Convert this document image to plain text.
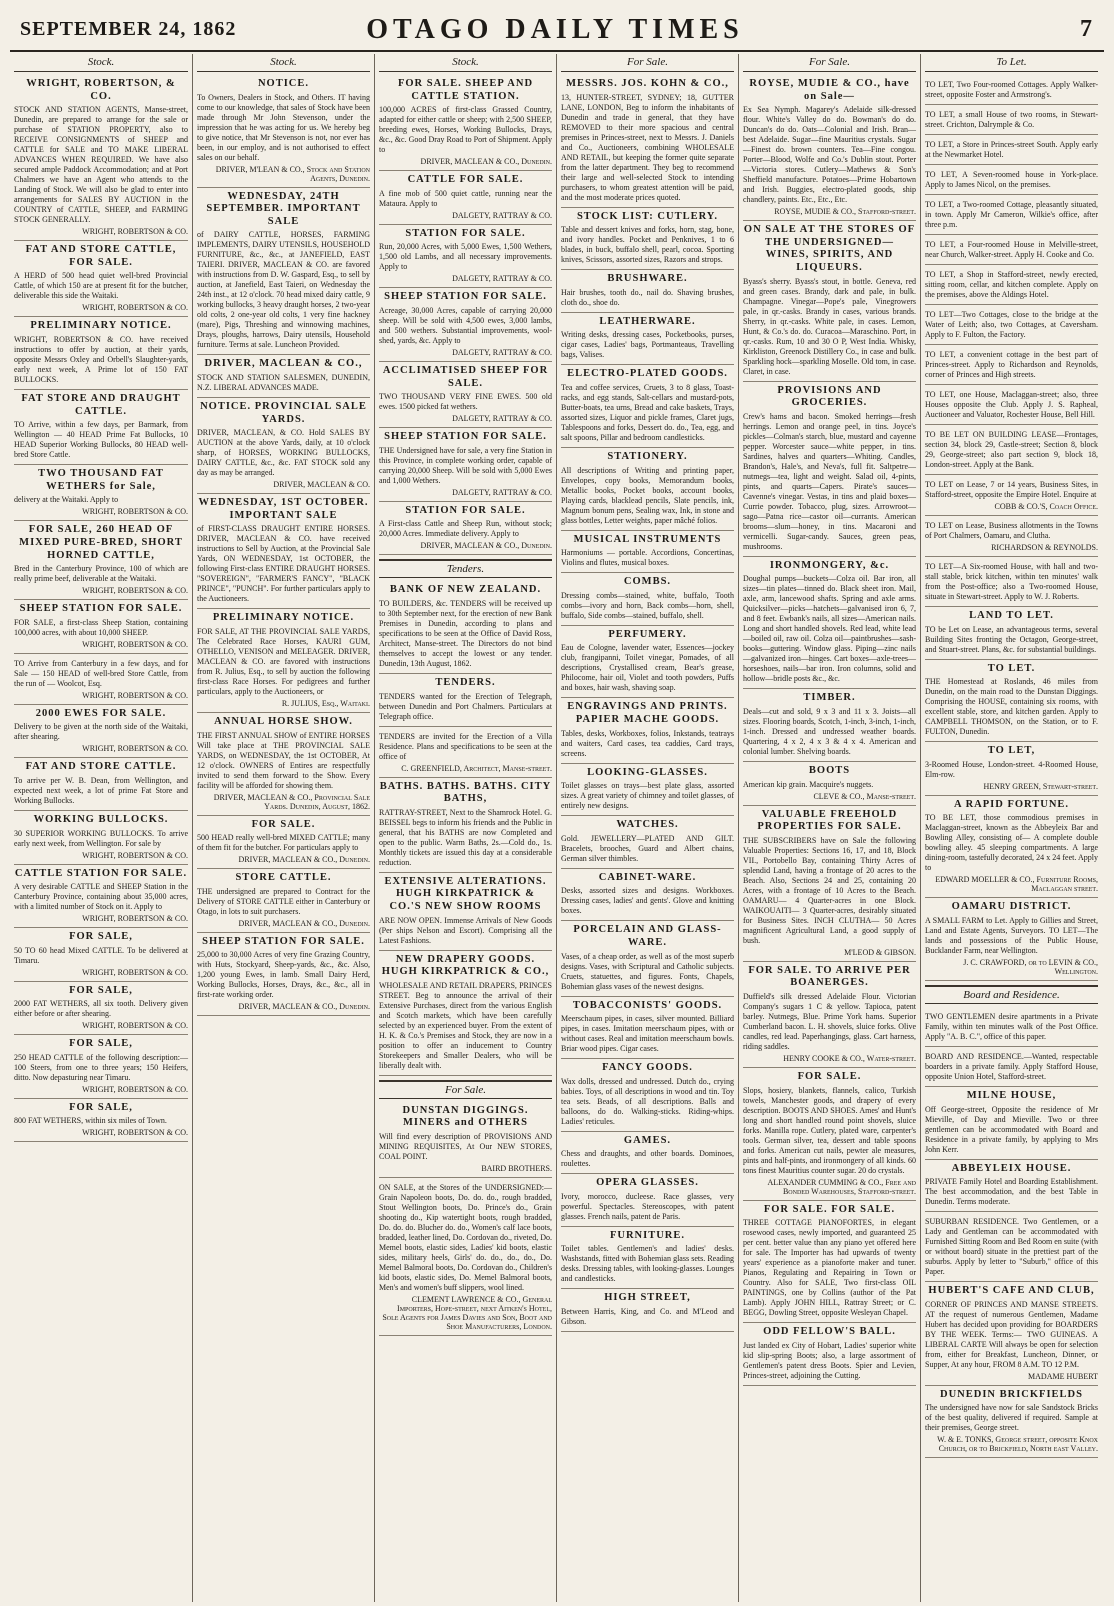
SEPTEMBER 24, 1862	OTAGO DAILY TIMES	7
Stock.
WRIGHT, ROBERTSON, & CO.
STOCK AND STATION AGENTS, Manse-street, Dunedin, are prepared to arrange for the sale or purchase of STATION PROPERTY, also to RECEIVE CONSIGNMENTS of SHEEP and CATTLE for SALE and TO MAKE LIBERAL ADVANCES WHEN REQUIRED. We have also secured ample Paddock Accommodation; and at Port Chalmers we have an Agent who attends to the Landing of Stock. We will also be glad to enter into arrangements for SALES BY AUCTION in the COUNTRY of CATTLE, SHEEP, and FARMING STOCK GENERALLY.
WRIGHT, ROBERTSON & CO.
FAT AND STORE CATTLE, FOR SALE.
A HERD of 500 head quiet well-bred Provincial Cattle, of which 150 are at present fit for the butcher, deliverable this side the Waitaki.
WRIGHT, ROBERTSON & CO.
PRELIMINARY NOTICE.
WRIGHT, ROBERTSON & CO. have received instructions to offer by auction, at their yards, opposite Messrs Oxley and Orbell's Slaughter-yards, early next week, A Prime lot of 150 FAT BULLOCKS.
FAT STORE AND DRAUGHT CATTLE.
TO Arrive, within a few days, per Barmark, from Wellington — 40 HEAD Prime Fat Bullocks, 10 HEAD Superior Working Bullocks, 80 HEAD well-bred Store Cattle.
TWO THOUSAND FAT WETHERS for Sale,
delivery at the Waitaki. Apply to
WRIGHT, ROBERTSON & CO.
FOR SALE, 260 HEAD OF MIXED PURE-BRED, SHORT HORNED CATTLE,
Bred in the Canterbury Province, 100 of which are really prime beef, deliverable at the Waitaki.
WRIGHT, ROBERTSON & CO.
SHEEP STATION FOR SALE.
FOR SALE, a first-class Sheep Station, containing 100,000 acres, with about 10,000 SHEEP.
WRIGHT, ROBERTSON & CO.
TO Arrive from Canterbury in a few days, and for Sale — 150 HEAD of well-bred Store Cattle, from the run of — Woolcot, Esq.
WRIGHT, ROBERTSON & CO.
2000 EWES FOR SALE.
Delivery to be given at the north side of the Waitaki, after shearing.
WRIGHT, ROBERTSON & CO.
FAT AND STORE CATTLE.
To arrive per W. B. Dean, from Wellington, and expected next week, a lot of prime Fat Store and Working Bullocks.
WORKING BULLOCKS.
30 SUPERIOR WORKING BULLOCKS. To arrive early next week, from Wellington. For sale by
WRIGHT, ROBERTSON & CO.
CATTLE STATION FOR SALE.
A very desirable CATTLE and SHEEP Station in the Canterbury Province, containing about 35,000 acres, with a limited number of Stock on it. Apply to
WRIGHT, ROBERTSON & CO.
FOR SALE,
50 TO 60 head Mixed CATTLE. To be delivered at Timaru.
WRIGHT, ROBERTSON & CO.
FOR SALE,
2000 FAT WETHERS, all six tooth. Delivery given either before or after shearing.
WRIGHT, ROBERTSON & CO.
FOR SALE,
250 HEAD CATTLE of the following description:— 100 Steers, from one to three years; 150 Heifers, ditto. Now depasturing near Timaru.
WRIGHT, ROBERTSON & CO.
FOR SALE,
800 FAT WETHERS, within six miles of Town.
WRIGHT, ROBERTSON & CO.
Stock.
NOTICE.
To Owners, Dealers in Stock, and Others. IT having come to our knowledge, that sales of Stock have been made through Mr John Stevenson, under the impression that he was acting for us. We hereby beg to give notice, that Mr Stevenson is not, nor ever has been, in our employ, and is not authorised to effect sales on our behalf.
DRIVER, M'LEAN & CO., Stock and Station Agents, Dunedin.
WEDNESDAY, 24TH SEPTEMBER. IMPORTANT SALE
of DAIRY CATTLE, HORSES, FARMING IMPLEMENTS, DAIRY UTENSILS, HOUSEHOLD FURNITURE, &c., &c., at JANEFIELD, EAST TAIERI. DRIVER, MACLEAN & CO. are favored with instructions from D. W. Gaspard, Esq., to sell by auction, at Janefield, East Taieri, on Wednesday the 24th inst., at 12 o'clock. 70 head mixed dairy cattle, 9 working bullocks, 3 heavy draught horses, 2 two-year old colts, 2 one-year old colts, 1 very fine hackney (mare), Pigs, Threshing and winnowing machines, Drays, ploughs, harrows, Dairy utensils, Household furniture. Terms at sale. Luncheon Provided.
DRIVER, MACLEAN & CO.,
STOCK AND STATION SALESMEN, DUNEDIN, N.Z. LIBERAL ADVANCES MADE.
NOTICE. PROVINCIAL SALE YARDS.
DRIVER, MACLEAN, & CO. Hold SALES BY AUCTION at the above Yards, daily, at 10 o'clock sharp, of HORSES, WORKING BULLOCKS, DAIRY CATTLE, &c., &c. FAT STOCK sold any day as may be arranged.
DRIVER, MACLEAN & CO.
WEDNESDAY, 1ST OCTOBER. IMPORTANT SALE
of FIRST-CLASS DRAUGHT ENTIRE HORSES. DRIVER, MACLEAN & CO. have received instructions to Sell by Auction, at the Provincial Sale Yards, ON WEDNESDAY, 1st OCTOBER, the following First-class ENTIRE DRAUGHT HORSES. "SOVEREIGN", "FARMER'S FANCY", "BLACK PRINCE", "PUNCH". For further particulars apply to the Auctioneers.
PRELIMINARY NOTICE.
FOR SALE, AT THE PROVINCIAL SALE YARDS, The Celebrated Race Horses, KAURI GUM, OTHELLO, VENISON and MELEAGER. DRIVER, MACLEAN & CO. are favored with instructions from R. Julius, Esq., to sell by auction the following first-class Race Horses. For pedigrees and further particulars, apply to the Auctioneers, or
R. JULIUS, Esq., Waitaki.
ANNUAL HORSE SHOW.
THE FIRST ANNUAL SHOW of ENTIRE HORSES Will take place at THE PROVINCIAL SALE YARDS, on WEDNESDAY, the 1st OCTOBER, At 12 o'clock. OWNERS of Entires are respectfully invited to send them forward to the Show. Every facility will be afforded for showing them.
DRIVER, MACLEAN & CO., Provincial Sale Yards. Dunedin, August, 1862.
FOR SALE.
500 HEAD really well-bred MIXED CATTLE; many of them fit for the butcher. For particulars apply to
DRIVER, MACLEAN & CO., Dunedin.
STORE CATTLE.
THE undersigned are prepared to Contract for the Delivery of STORE CATTLE either in Canterbury or Otago, in lots to suit purchasers.
DRIVER, MACLEAN & CO., Dunedin.
SHEEP STATION FOR SALE.
25,000 to 30,000 Acres of very fine Grazing Country, with Huts, Stockyard, Sheep-yards, &c., &c. Also, 1,200 young Ewes, in lamb. Small Dairy Herd, Working Bullocks, Horses, Drays, &c., &c., all in first-rate working order.
DRIVER, MACLEAN & CO., Dunedin.
Stock.
FOR SALE. SHEEP AND CATTLE STATION.
100,000 ACRES of first-class Grassed Country, adapted for either cattle or sheep; with 2,500 SHEEP, breeding ewes, Horses, Working Bullocks, Drays, &c., &c. Good Dray Road to Port of Shipment. Apply to
DRIVER, MACLEAN & CO., Dunedin.
CATTLE FOR SALE.
A fine mob of 500 quiet cattle, running near the Mataura. Apply to
DALGETY, RATTRAY & CO.
STATION FOR SALE.
Run, 20,000 Acres, with 5,000 Ewes, 1,500 Wethers, 1,500 old Lambs, and all necessary improvements. Apply to
DALGETY, RATTRAY & CO.
SHEEP STATION FOR SALE.
Acreage, 30,000 Acres, capable of carrying 20,000 sheep. Will be sold with 4,500 ewes, 3,000 lambs, and 500 wethers. Substantial improvements, wool-shed, yards, &c. Apply to
DALGETY, RATTRAY & CO.
ACCLIMATISED SHEEP FOR SALE.
TWO THOUSAND VERY FINE EWES. 500 old ewes. 1500 picked fat wethers.
DALGETY, RATTRAY & CO.
SHEEP STATION FOR SALE.
THE Undersigned have for sale, a very fine Station in this Province, in complete working order, capable of carrying 20,000 Sheep. Will be sold with 5,000 Ewes and 1,000 Wethers.
DALGETY, RATTRAY & CO.
STATION FOR SALE.
A First-class Cattle and Sheep Run, without stock; 20,000 Acres. Immediate delivery. Apply to
DRIVER, MACLEAN & CO., Dunedin.
Tenders.
BANK OF NEW ZEALAND.
TO BUILDERS, &c. TENDERS will be received up to 30th September next, for the erection of new Bank Premises in Dunedin, according to plans and specifications to be seen at the Office of David Ross, Architect, Manse-street. The Directors do not bind themselves to accept the lowest or any tender. Dunedin, 13th August, 1862.
TENDERS.
TENDERS wanted for the Erection of Telegraph, between Dunedin and Port Chalmers. Particulars at Telegraph office.
TENDERS are invited for the Erection of a Villa Residence. Plans and specifications to be seen at the office of
C. GREENFIELD, Architect, Manse-street.
BATHS. BATHS. BATHS. CITY BATHS,
RATTRAY-STREET, Next to the Shamrock Hotel. G. BEISSEL begs to inform his friends and the Public in general, that his BATHS are now Completed and open to the public. Warm Baths, 2s.—Cold do., 1s. Monthly tickets are issued this day at a considerable reduction.
EXTENSIVE ALTERATIONS. HUGH KIRKPATRICK & CO.'S NEW SHOW ROOMS
ARE NOW OPEN. Immense Arrivals of New Goods (Per ships Nelson and Escort). Comprising all the Latest Fashions.
NEW DRAPERY GOODS. HUGH KIRKPATRICK & CO.,
WHOLESALE AND RETAIL DRAPERS, PRINCES STREET. Beg to announce the arrival of their Extensive Purchases, direct from the various English and Scotch markets, which have been carefully selected by an experienced buyer. From the extent of H. K. & Co.'s Premises and Stock, they are now in a position to offer an inducement to Country Storekeepers and Smaller Dealers, who will be liberally dealt with.
For Sale.
DUNSTAN DIGGINGS. MINERS and OTHERS
Will find every description of PROVISIONS AND MINING REQUISITES, At Our NEW STORES, COAL POINT.
BAIRD BROTHERS.
ON SALE, at the Stores of the UNDERSIGNED:— Grain Napoleon boots, Do. do. do., rough bradded, Stout Wellington boots, Do. Prince's do., Grain shooting do., Kip watertight boots, rough bradded, Do. do. do. Blucher do. do., Women's calf lace boots, bradded, leather lined, Do. Cordovan do., riveted, Do. Memel boots, elastic sides, Ladies' kid boots, elastic sides, military heels, Girls' do. do., do., do., Do. Memel Balmoral boots, Do. Cordovan do., Children's kid boots, elastic sides, Do. Memel Balmoral boots, Men's and women's buff slippers, wool lined.
CLEMENT LAWRENCE & CO., General Importers, Hope-street, next Aitken's Hotel, Sole Agents for James Davies and Son, Boot and Shoe Manufacturers, London.
For Sale.
MESSRS. JOS. KOHN & CO.,
13, HUNTER-STREET, SYDNEY; 18, GUTTER LANE, LONDON, Beg to inform the inhabitants of Dunedin and trade in general, that they have REMOVED to their more spacious and central premises in Princes-street, next to Messrs. J. Daniels and Co., Auctioneers, combining WHOLESALE AND RETAIL, but keeping the former quite separate from the latter department. They beg to recommend their large and well-selected Stock to intending purchasers, to whom greatest attention will be paid, and the most moderate prices quoted.
STOCK LIST: CUTLERY.
Table and dessert knives and forks, horn, stag, bone, and ivory handles. Pocket and Penknives, 1 to 6 blades, in buck, buffalo shell, pearl, cocoa. Sporting knives, Scissors, assorted sizes, Razors and strops.
BRUSHWARE.
Hair brushes, tooth do., nail do. Shaving brushes, cloth do., shoe do.
LEATHERWARE.
Writing desks, dressing cases, Pocketbooks, purses, cigar cases, Ladies' bags, Portmanteaus, Travelling bags, Valises.
ELECTRO-PLATED GOODS.
Tea and coffee services, Cruets, 3 to 8 glass, Toast-racks, and egg stands, Salt-cellars and mustard-pots, Butter-boats, tea urns, Bread and cake baskets, Trays, assorted sizes, Liquor and pickle frames, Claret jugs, Tablespoons and forks, Dessert do. do., Tea, egg, and salt spoons, Pillar and bedroom candlesticks.
STATIONERY.
All descriptions of Writing and printing paper, Envelopes, copy books, Memorandum books, Metallic books, Pocket books, account books, Playing cards, blacklead pencils, Slate pencils, ink, Magnum bonum pens, Sealing wax, Ink, in stone and glass bottles, Letter weights, paper mâché folios.
MUSICAL INSTRUMENTS
Harmoniums — portable. Accordions, Concertinas, Violins and flutes, musical boxes.
COMBS.
Dressing combs—stained, white, buffalo, Tooth combs—ivory and horn, Back combs—horn, shell, buffalo, Side combs—stained, buffalo, shell.
PERFUMERY.
Eau de Cologne, lavender water, Essences—jockey club, frangipanni, Toilet vinegar, Pomades, of all descriptions, Crystallised cream, Bear's grease, Philocome, hair oil, Violet and tooth powders, Puffs and boxes, hair wash, shaving soap.
ENGRAVINGS AND PRINTS. PAPIER MACHE GOODS.
Tables, desks, Workboxes, folios, Inkstands, teatrays and waiters, Card cases, tea caddies, Card trays, screens.
LOOKING-GLASSES.
Toilet glasses on trays—best plate glass, assorted sizes. A great variety of chimney and toilet glasses, of entirely new designs.
WATCHES.
Gold. JEWELLERY—PLATED AND GILT. Bracelets, brooches, Guard and Albert chains, German silver thimbles.
CABINET-WARE.
Desks, assorted sizes and designs. Workboxes. Dressing cases, ladies' and gents'. Glove and knitting boxes.
PORCELAIN AND GLASS-WARE.
Vases, of a cheap order, as well as of the most superb designs. Vases, with Scriptural and Catholic subjects. Cruets, statuettes, and figures. Fonts, Chapels, Bohemian glass vases of the newest designs.
TOBACCONISTS' GOODS.
Meerschaum pipes, in cases, silver mounted. Billiard pipes, in cases. Imitation meerschaum pipes, with or without cases. Real and imitation meerschaum bowls. Briar wood pipes. Cigar cases.
FANCY GOODS.
Wax dolls, dressed and undressed. Dutch do., crying babies. Toys, of all descriptions in wood and tin. Toy tea sets. Beads, of all descriptions. Balls and balloons, do do. Walking-sticks. Riding-whips. Ladies' reticules.
GAMES.
Chess and draughts, and other boards. Dominoes, roulettes.
OPERA GLASSES.
Ivory, morocco, ducleese. Race glasses, very powerful. Spectacles. Stereoscopes, with patent glasses. French nails, patent de Paris.
FURNITURE.
Toilet tables. Gentlemen's and ladies' desks. Washstands, fitted with Bohemian glass sets. Reading desks. Dressing tables, with looking-glasses. Lounges and candlesticks.
HIGH STREET,
Between Harris, King, and Co. and M'Leod and Gibson.
For Sale.
ROYSE, MUDIE & CO., have on Sale—
Ex Sea Nymph. Magarey's Adelaide silk-dressed flour. White's Valley do do. Bowman's do do. Duncan's do do. Oats—Colonial and Irish. Bran—best Adelaide. Sugar—fine Mauritius crystals. Sugar—Finest do. brown counters. Tea—Fine congou. Porter—Blood, Wolfe and Co.'s Dublin stout. Porter—Victoria stores. Cutlery—Mathews & Son's Sheffield manufacture. Potatoes—Prime Hobartown and Irish. Buggies, electro-plated goods, ship chandlery, paints. Etc., Etc., Etc.
ROYSE, MUDIE & CO., Stafford-street.
ON SALE AT THE STORES OF THE UNDERSIGNED— WINES, SPIRITS, AND LIQUEURS.
Byass's sherry. Byass's stout, in bottle. Geneva, red and green cases. Brandy, dark and pale, in bulk. Champagne. Vinegar—Pope's pale, Vinegrowers pale, in qr.-casks. Brandy in cases, various brands. Sherry, in qr.-casks. White pale, in cases. Lemon, Hunt, & Co.'s do. do. Curacoa—Maraschino. Port, in qr.-casks. Rum, 10 and 30 O P, West India. Whisky, Kirkliston, Greenock Distillery Co., in case and bulk. Sparkling hock—sparkling Moselle. Old tom, in case. Claret, in case.
PROVISIONS AND GROCERIES.
Crew's hams and bacon. Smoked herrings—fresh herrings. Lemon and orange peel, in tins. Joyce's pickles—Colman's starch, blue, mustard and cayenne pepper. Worcester sauce—white pepper, in tins. Sardines, halves and quarters—Whiting. Candles, Brandon's, Hale's, and Neva's, full fit. Saltpetre—nutmegs—tea, light and weight. Salad oil, 4-pints, pints, and quarts—Capers. Pirate's sauces—Cavenne's vinegar. Vestas, in tins and plaid boxes—Currie powder. Tobacco, plug, sizes. Arrowroot—sago—Patna rice—castor oil—currants. American brooms—slum—honey, in tins. Macaroni and vermicelli. Sugar-candy. Sauces, green peas, mushrooms.
IRONMONGERY, &c.
Doughal pumps—buckets—Colza oil. Bar iron, all sizes—tin plates—tinned do. Black sheet iron. Mail, axle, arm, lancewood shafts. Spring and axle arms. Quicksilver—picks—hatchets—galvanised iron 6, 7, and 8 feet. Ewbank's nails, all sizes—American nails. Long and short handled shovels. Red lead, white lead—boiled oil, raw oil. Colza oil—paintbrushes—sash-books—guttering. Window glass. Piping—zinc nails—galvanized iron—hinges. Cart boxes—axle-trees—horseshoes, nails—bar iron. Iron columns, solid and hollow—bridle posts &c., &c.
TIMBER.
Deals—cut and sold, 9 x 3 and 11 x 3. Joists—all sizes. Flooring boards, Scotch, 1-inch, 3-inch, 1-inch, 1-inch. Dressed and undressed weather boards. Quartering, 4 x 2, 4 x 3 & 4 x 4. American and colonial lumber. Shelving boards.
BOOTS
American kip grain. Macquire's nuggets.
CLEVE & CO., Manse-street.
VALUABLE FREEHOLD PROPERTIES FOR SALE.
THE SUBSCRIBERS have on Sale the following Valuable Properties: Sections 16, 17, and 18, Block VII., Portobello Bay, containing Thirty Acres of splendid Land, having a frontage of 20 acres to the Beach. Also, Sections 24 and 25, containing 20 Acres, with a frontage of 10 Acres to the Beach. OAMARU— 4 Quarter-acres in one Block. WAIKOUAITI— 3 Quarter-acres, desirably situated for Business Sites. INCH CLUTHA— 50 Acres magnificent Agricultural Land, a good supply of bush.
M'LEOD & GIBSON.
FOR SALE. TO ARRIVE PER BOANERGES.
Duffield's silk dressed Adelaide Flour. Victorian Company's sugars 1 C & yellow. Tapioca, patent barley. Nutmegs, Blue. Prime York hams. Superior Cumberland bacon. L. H. shovels, sluice forks. Olive candles, red lead. Paperhangings, glass. Cart harness, riding saddles.
HENRY COOKE & CO., Water-street.
FOR SALE.
Slops, hosiery, blankets, flannels, calico, Turkish towels, Manchester goods, and drapery of every description. BOOTS AND SHOES. Ames' and Hunt's long and short handled round point shovels, sluice forks. Manilla rope. Cutlery, plated ware, carpenter's tools. German silver, tea, dessert and table spoons and forks. American cut nails, pewter ale measures, pints and half-pints, and ironmongery of all kinds. 60 tons finest Mauritius counter sugar. 20 do crystals.
ALEXANDER CUMMING & CO., Free and Bonded Warehouses, Stafford-street.
FOR SALE. FOR SALE.
THREE COTTAGE PIANOFORTES, in elegant rosewood cases, newly imported, and guaranteed 25 per cent. better value than any piano yet offered here for sale. The Importer has had upwards of twenty years' experience as a pianoforte maker and tuner. Pianos, Regulating and Repairing in Town or Country. Also for SALE, Two first-class OIL PAINTINGS, one by Collins (author of the Pat Lamb). Apply JOHN HILL, Rattray Street; or C. BEGG, Dowling Street, opposite Wesleyan Chapel.
ODD FELLOW'S BALL.
Just landed ex City of Hobart, Ladies' superior white kid slip-spring Boots; also, a large assortment of Gentlemen's patent dress Boots. Spier and Levien, Princes-street, adjoining the Cutting.
To Let.
TO LET, Two Four-roomed Cottages. Apply Walker-street, opposite Foster and Armstrong's.
TO LET, a small House of two rooms, in Stewart-street. Crichton, Dalrymple & Co.
TO LET, a Store in Princes-street South. Apply early at the Newmarket Hotel.
TO LET, A Seven-roomed house in York-place. Apply to James Nicol, on the premises.
TO LET, a Two-roomed Cottage, pleasantly situated, in town. Apply Mr Cameron, Wilkie's office, after three p.m.
TO LET, a Four-roomed House in Melville-street, near Church, Walker-street. Apply H. Cooke and Co.
TO LET, a Shop in Stafford-street, newly erected, sitting room, cellar, and kitchen complete. Apply on the premises, above the Aldings Hotel.
TO LET—Two Cottages, close to the bridge at the Water of Leith; also, two Cottages, at Caversham. Apply to F. Fulton, the Factory.
TO LET, a convenient cottage in the best part of Princes-street. Apply to Richardson and Reynolds, corner of Princes and High streets.
TO LET, one House, Maclaggan-street; also, three Houses opposite the Club. Apply J. S. Rapheal, Auctioneer and Valuator, Rochester House, Bell Hill.
TO BE LET ON BUILDING LEASE—Frontages, section 34, block 29, Castle-street; Section 8, block 29, George-street; also part section 9, block 18, London-street. Apply at the Bank.
TO LET on Lease, 7 or 14 years, Business Sites, in Stafford-street, opposite the Empire Hotel. Enquire at
COBB & CO.'S, Coach Office.
TO LET on Lease, Business allotments in the Towns of Port Chalmers, Oamaru, and Clutha.
RICHARDSON & REYNOLDS.
TO LET—A Six-roomed House, with hall and two-stall stable, brick kitchen, within ten minutes' walk from the Post-office; also a Two-roomed House, situate in Stewart-street. Apply to W. J. Roberts.
LAND TO LET.
TO be Let on Lease, an advantageous terms, several Building Sites fronting the Octagon, George-street, and Stuart-street. Plans, &c. for substantial buildings.
TO LET.
THE Homestead at Roslands, 46 miles from Dunedin, on the main road to the Dunstan Diggings. Comprising the HOUSE, containing six rooms, with excellent stable, store, and kitchen garden. Apply to CAMPBELL THOMSON, on the Station, or to F. FULTON, Dunedin.
TO LET,
3-Roomed House, London-street. 4-Roomed House, Elm-row.
HENRY GREEN, Stewart-street.
A RAPID FORTUNE.
TO BE LET, those commodious premises in Maclaggan-street, known as the Abbeyleix Bar and Bowling Alley, consisting of— A complete double bowling alley. 45 sleeping compartments. A large dining-room, tastefully decorated, 24 x 24 feet. Apply to
EDWARD MOELLER & CO., Furniture Rooms, Maclaggan street.
OAMARU DISTRICT.
A SMALL FARM to Let. Apply to Gillies and Street, Land and Estate Agents, Surveyors. TO LET—The lands and possessions of the Public House, Bucklander Farm, near Wellington.
J. C. CRAWFORD, or to LEVIN & CO., Wellington.
Board and Residence.
TWO GENTLEMEN desire apartments in a Private Family, within ten minutes walk of the Post Office. Apply "A. B. C.", office of this paper.
BOARD AND RESIDENCE.—Wanted, respectable boarders in a private family. Apply Stafford House, opposite Union Hotel, Stafford-street.
MILNE HOUSE,
Off George-street, Opposite the residence of Mr Mieville, of Day and Mieville. Two or three gentlemen can be accommodated with Board and Residence in a private family, by applying to Mrs John Kerr.
ABBEYLEIX HOUSE.
PRIVATE Family Hotel and Boarding Establishment. The best accommodation, and the best Table in Dunedin. Terms moderate.
SUBURBAN RESIDENCE. Two Gentlemen, or a Lady and Gentleman can be accommodated with Furnished Sitting Room and Bed Room en suite (with or without board) situate in the prettiest part of the suburbs. Apply by letter to "Suburb," office of this Paper.
HUBERT'S CAFE AND CLUB,
CORNER OF PRINCES AND MANSE STREETS. AT the request of numerous Gentlemen, Madame Hubert has decided upon providing for BOARDERS BY THE WEEK. Terms:— TWO GUINEAS. A LIBERAL CARTE Will always be open for selection from, either for Breakfast, Luncheon, Dinner, or Supper, At any hour, FROM 8 A.M. TO 12 P.M.
MADAME HUBERT
DUNEDIN BRICKFIELDS
The undersigned have now for sale Sandstock Bricks of the best quality, delivered if required. Sample at their premises, George street.
W. & E. TONKS, George street, opposite Knox Church, or to Brickfield, North east Valley.
